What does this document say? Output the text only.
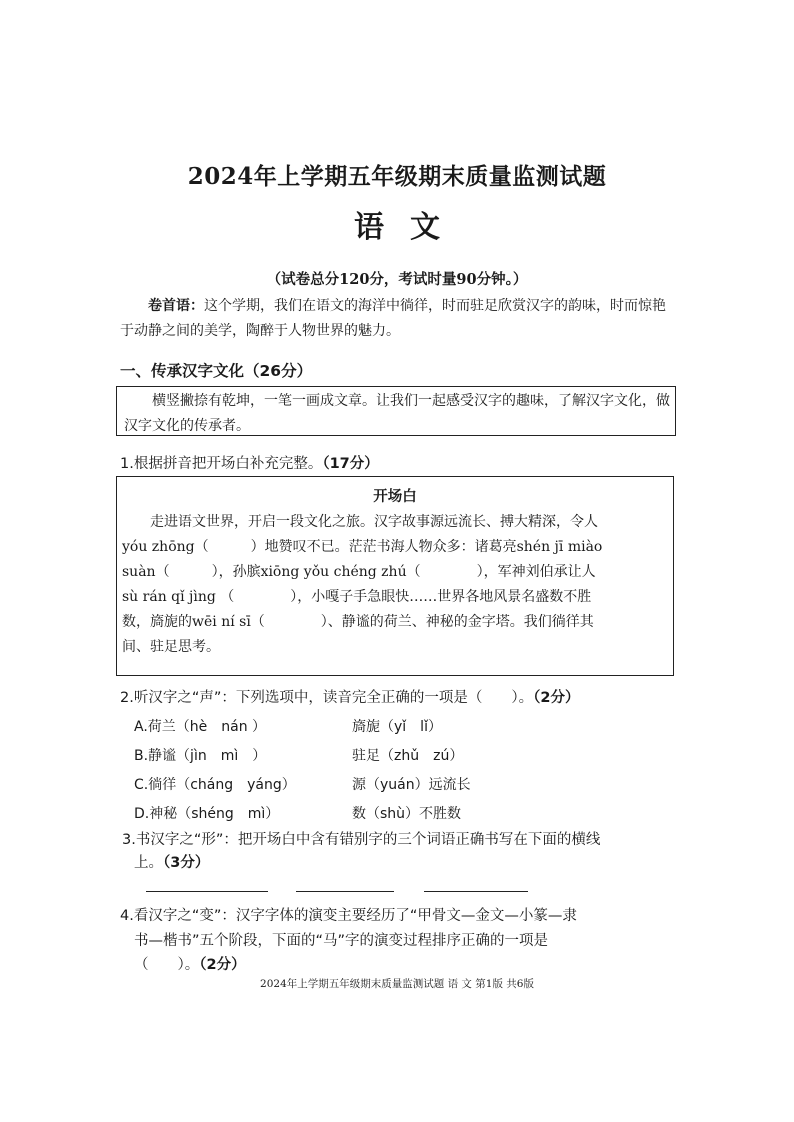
2024年上学期五年级期末质量监测试题
语文
（试卷总分120分，考试时量90分钟。）
卷首语：这个学期，我们在语文的海洋中徜徉，时而驻足欣赏汉字的韵味，时而惊艳于动静之间的美学，陶醉于人物世界的魅力。
一、传承汉字文化（26分）
横竖撇捺有乾坤，一笔一画成文章。让我们一起感受汉字的趣味，了解汉字文化，做汉字文化的传承者。
1.根据拼音把开场白补充完整。（17分）
开场白
　　走进语文世界，开启一段文化之旅。汉字故事源远流长、搏大精深，令人
yóu zhōng（　　　）地赞叹不已。茫茫书海人物众多：诸葛亮shén jī miào
suàn（　　　），孙膑xiōng yǒu chéng zhú（　　　　），军神刘伯承让人
sù rán qǐ jìng （　　　　），小嘎子手急眼快……世界各地风景名盛数不胜
数，旖旎的wēi ní sī（　　　　）、静谧的荷兰、神秘的金字塔。我们徜徉其
间、驻足思考。
2.听汉字之“声”：下列选项中，读音完全正确的一项是（　　）。（2分）
A.荷兰（hè　nán ）	旖旎（yǐ　lǐ）
B.静谧（jìn　mì　）	驻足（zhǔ　zú）
C.徜徉（cháng　yáng）	源（yuán）远流长
D.神秘（shéng　mì）	数（shù）不胜数
3.书汉字之“形”：把开场白中含有错别字的三个词语正确书写在下面的横线
上。（3分）
4.看汉字之“变”：汉字字体的演变主要经历了“甲骨文—金文—小篆—隶
书—楷书”五个阶段，下面的“马”字的演变过程排序正确的一项是
（　　）。（2分）
2024年上学期五年级期末质量监测试题 语 文 第1版 共6版
